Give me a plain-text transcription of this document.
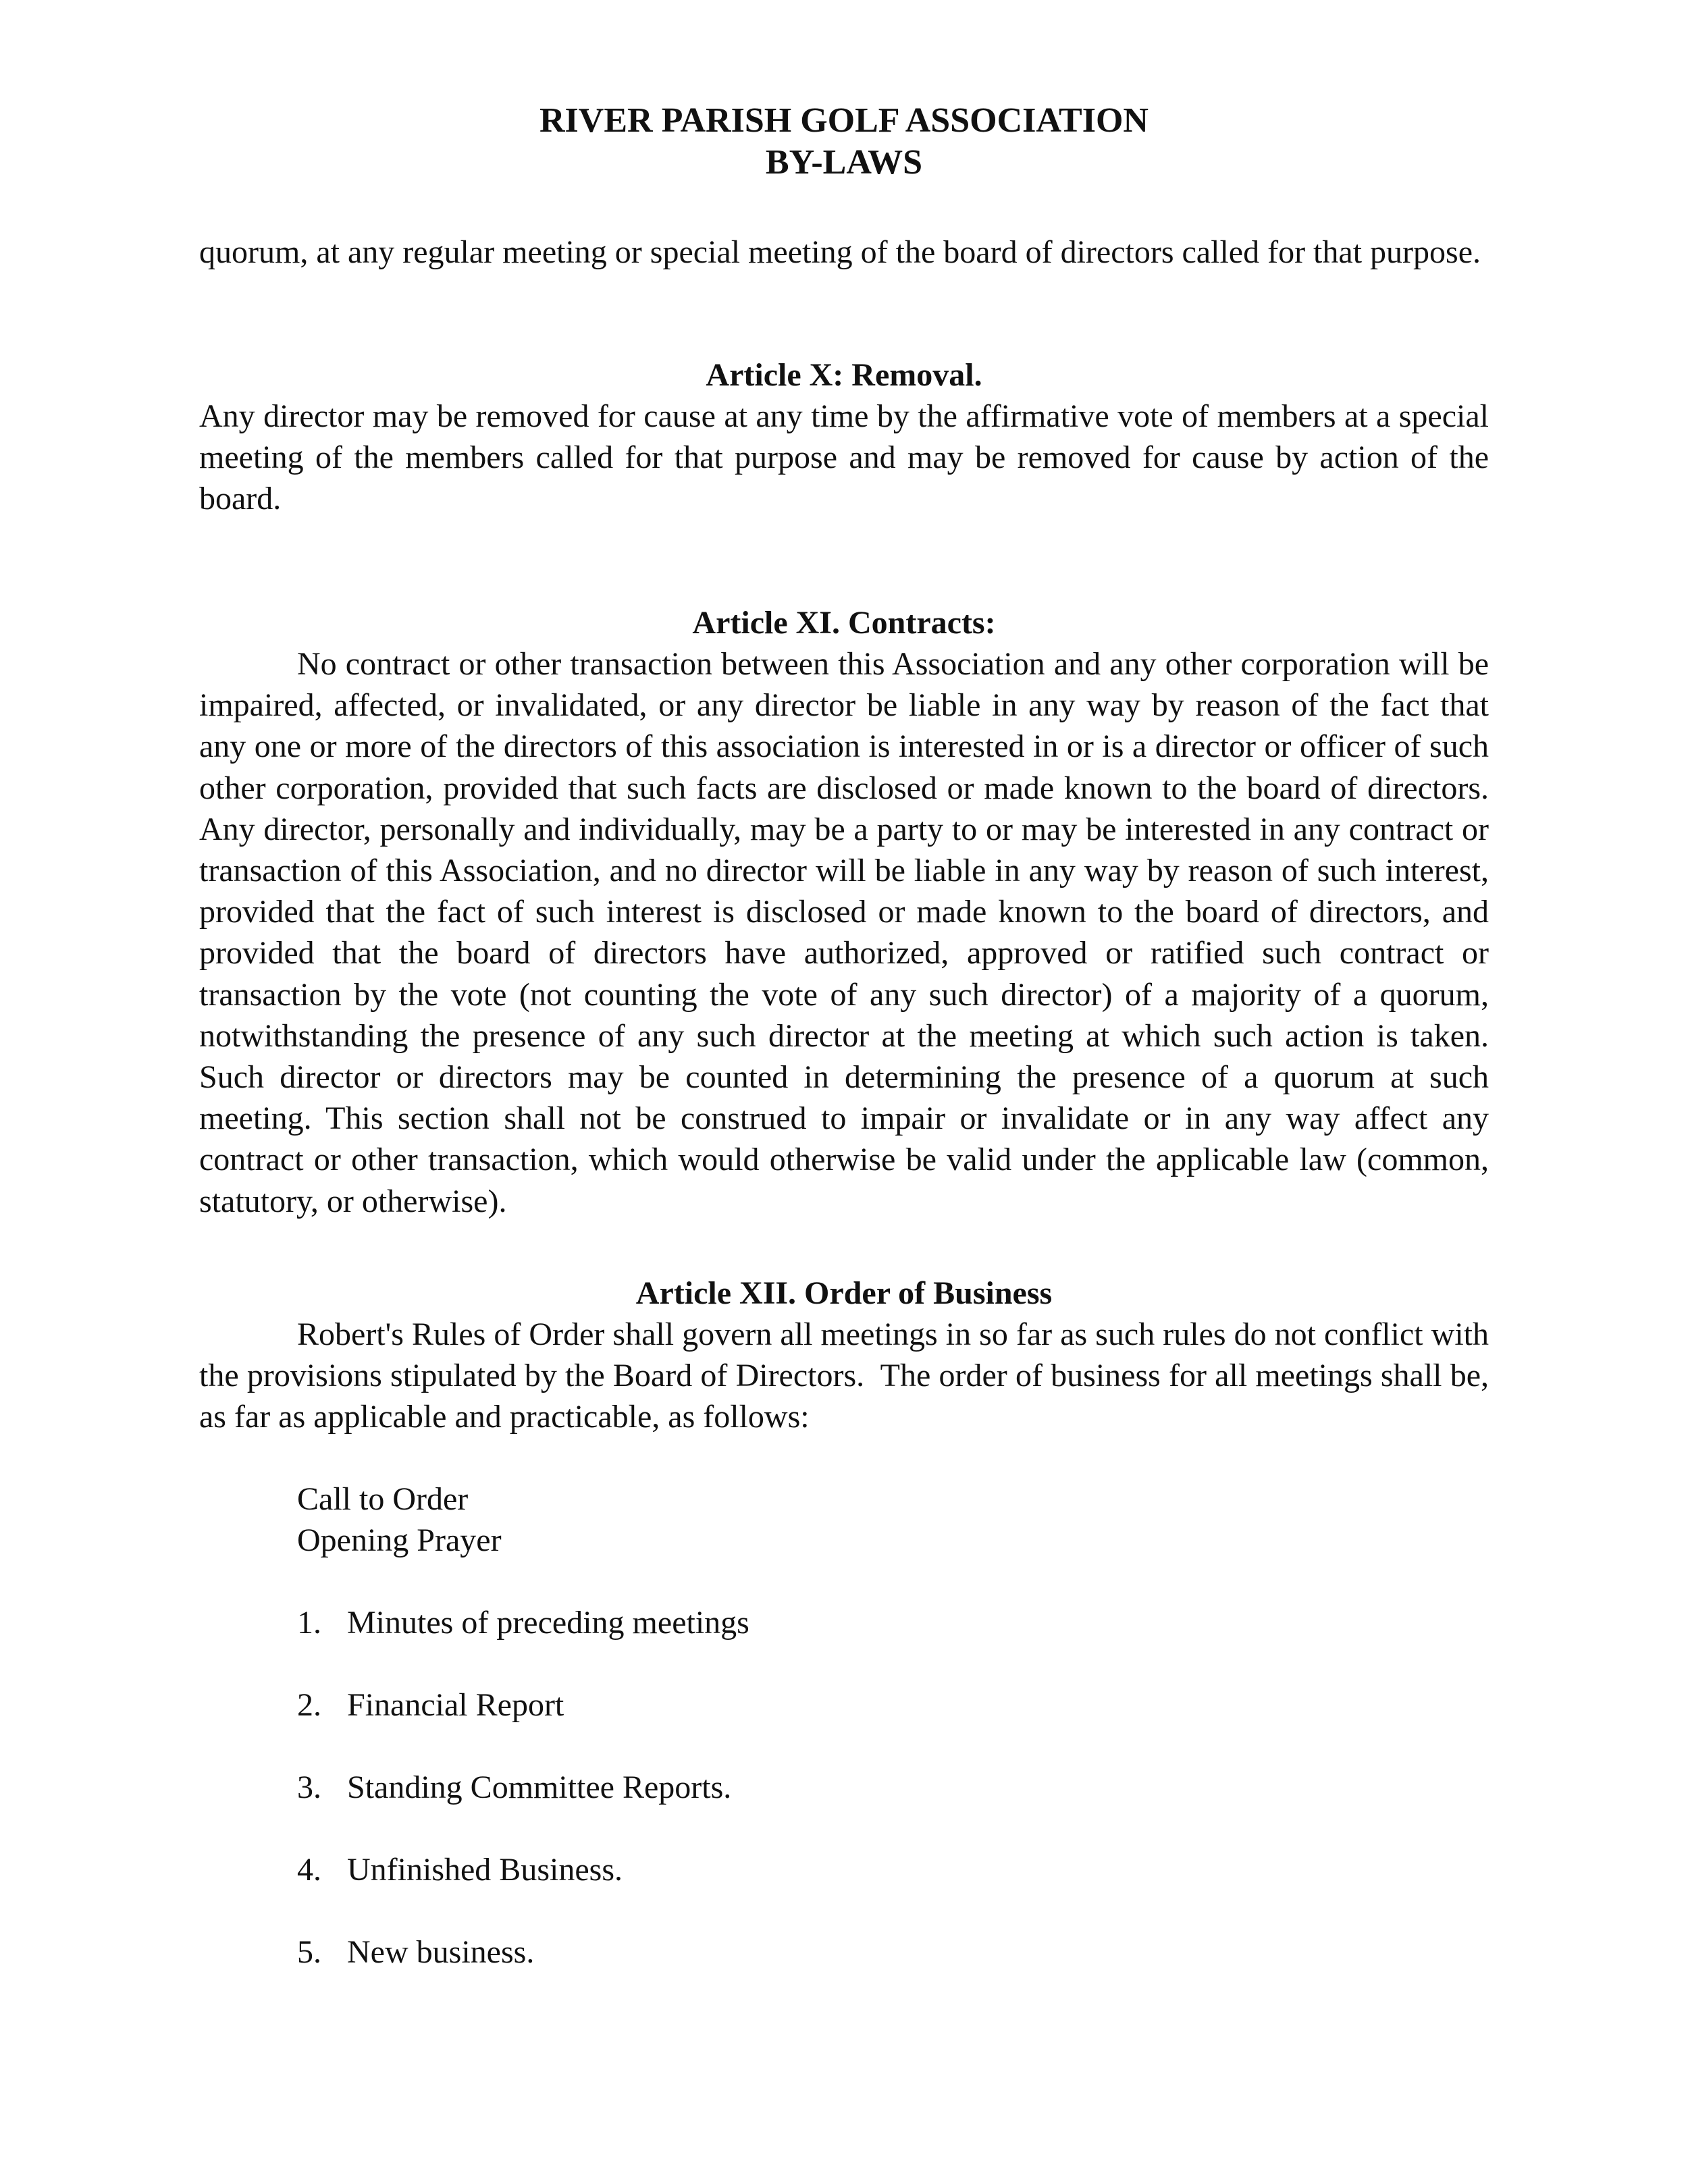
RIVER PARISH GOLF ASSOCIATION
BY-LAWS

quorum, at any regular meeting or special meeting of the board of directors called for that purpose.

Article X: Removal.

Any director may be removed for cause at any time by the affirmative vote of members at a special meeting of the members called for that purpose and may be removed for cause by action of the board.

Article XI. Contracts:

No contract or other transaction between this Association and any other corporation will be impaired, affected, or invalidated, or any director be liable in any way by reason of the fact that any one or more of the directors of this association is interested in or is a director or officer of such other corporation, provided that such facts are disclosed or made known to the board of directors. Any director, personally and individually, may be a party to or may be interested in any contract or transaction of this Association, and no director will be liable in any way by reason of such interest, provided that the fact of such interest is disclosed or made known to the board of directors, and provided that the board of directors have authorized, approved or ratified such contract or transaction by the vote (not counting the vote of any such director) of a majority of a quorum, notwithstanding the presence of any such director at the meeting at which such action is taken. Such director or directors may be counted in determining the presence of a quorum at such meeting. This section shall not be construed to impair or invalidate or in any way affect any contract or other transaction, which would otherwise be valid under the applicable law (common, statutory, or otherwise).

Article XII. Order of Business

Robert's Rules of Order shall govern all meetings in so far as such rules do not conflict with the provisions stipulated by the Board of Directors.  The order of business for all meetings shall be, as far as applicable and practicable, as follows:

Call to Order
Opening Prayer
1. Minutes of preceding meetings
2. Financial Report
3. Standing Committee Reports.
4. Unfinished Business.
5. New business.
